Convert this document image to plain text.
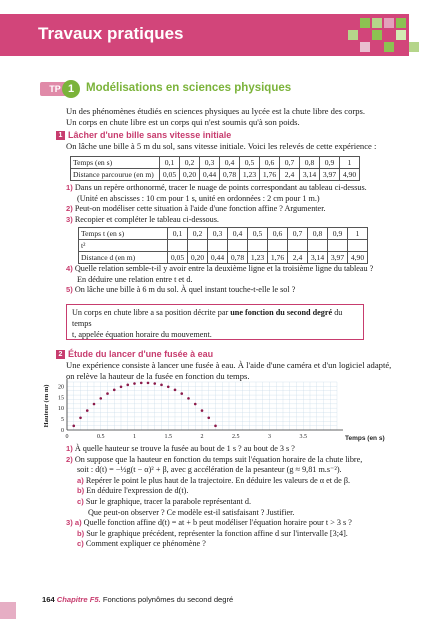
Travaux pratiques
TP 1	Modélisations en sciences physiques
Un des phénomènes étudiés en sciences physiques au lycée est la chute libre des corps.
Un corps en chute libre est un corps qui n'est soumis qu'à son poids.
1 Lâcher d'une bille sans vitesse initiale
On lâche une bille à 5 m du sol, sans vitesse initiale. Voici les relevés de cette expérience :
Temps (en s)	0,1	0,2	0,3	0,4	0,5	0,6	0,7	0,8	0,9	1
Distance parcourue (en m)	0,05	0,20	0,44	0,78	1,23	1,76	2,4	3,14	3,97	4,90
1) Dans un repère orthonormé, tracer le nuage de points correspondant au tableau ci-dessus.
(Unité en abscisses : 10 cm pour 1 s, unité en ordonnées : 2 cm pour 1 m.)
2) Peut-on modéliser cette situation à l'aide d'une fonction affine ? Argumenter.
3) Recopier et compléter le tableau ci-dessous.
Temps t (en s)	0,1	0,2	0,3	0,4	0,5	0,6	0,7	0,8	0,9	1
t²										
Distance d (en m)	0,05	0,20	0,44	0,78	1,23	1,76	2,4	3,14	3,97	4,90
4) Quelle relation semble-t-il y avoir entre la deuxième ligne et la troisième ligne du tableau ?
En déduire une relation entre t et d.
5) On lâche une bille à 6 m du sol. À quel instant touche-t-elle le sol ?
Un corps en chute libre a sa position décrite par une fonction du second degré du temps
t, appelée équation horaire du mouvement.
2 Étude du lancer d'une fusée à eau
Une expérience consiste à lancer une fusée à eau. À l'aide d'une caméra et d'un logiciel adapté,
on relève la hauteur de la fusée en fonction du temps.
0	0.5	1	1.5	2	2.5	3	3.5
0
5
10
15
20
Temps (en s)
Hauteur (en m)
1) À quelle hauteur se trouve la fusée au bout de 1 s ? au bout de 3 s ?
2) On suppose que la hauteur en fonction du temps suit l'équation horaire de la chute libre,
soit : d(t) = −½g(t − α)² + β, avec g accélération de la pesanteur (g ≈ 9,81 m.s⁻²).
a) Repérer le point le plus haut de la trajectoire. En déduire les valeurs de α et de β.
b) En déduire l'expression de d(t).
c) Sur le graphique, tracer la parabole représentant d.
Que peut-on observer ? Ce modèle est-il satisfaisant ? Justifier.
3) a) Quelle fonction affine d(t) = at + b peut modéliser l'équation horaire pour t > 3 s ?
b) Sur le graphique précédent, représenter la fonction affine d sur l'intervalle [3;4].
c) Comment expliquer ce phénomène ?
164 Chapitre F5. Fonctions polynômes du second degré
